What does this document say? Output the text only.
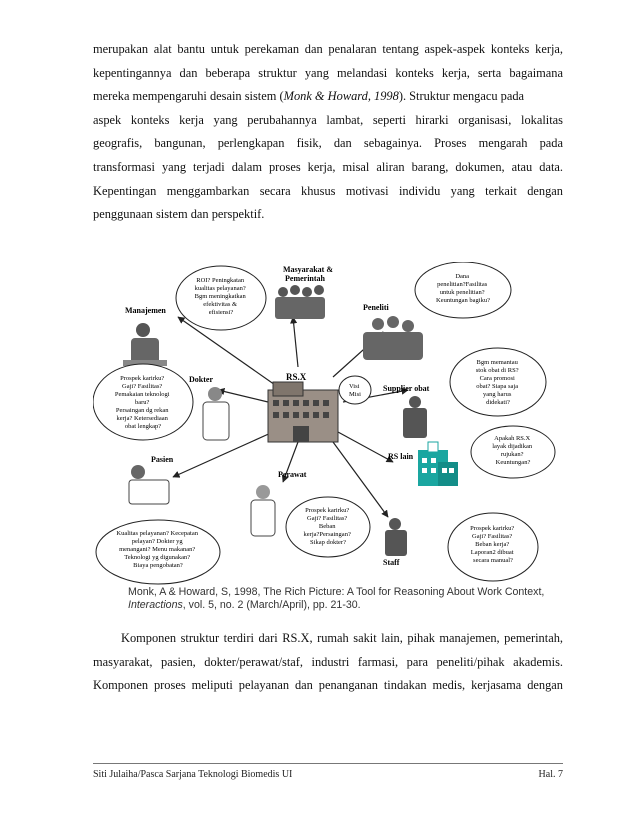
merupakan alat bantu untuk perekaman dan penalaran tentang aspek-aspek konteks kerja,
kepentingannya dan beberapa struktur yang melandasi konteks kerja, serta bagaimana
mereka mempengaruhi desain sistem (Monk & Howard, 1998). Struktur mengacu pada
aspek konteks kerja yang perubahannya lambat, seperti hirarki organisasi, lokalitas
geografis, bangunan, perlengkapan fisik, dan sebagainya. Proses mengarah pada
transformasi yang terjadi dalam proses kerja, misal aliran barang, dokumen, atau data.
Kepentingan menggambarkan secara khusus motivasi individu yang terkait dengan
penggunaan sistem dan perspektif.
RS.X
Manajemen
ROI? Peningkatan kualitas pelayanan? Bgm meningkatkan efektivitas & efisiensi?
Masyarakat & Pemerintah
Peneliti
Dana penelitian?Fasilitas untuk penelitian? Keuntungan bagiku?
Visi Misi
Dokter
Prospek karirku? Gaji? Fasilitas? Pemakaian teknologi baru? Persaingan dg rekan kerja? Ketersediaan obat lengkap?
Supplier obat
Bgm memantau stok obat di RS? Cara promosi obat? Siapa saja yang harus didekati?
Pasien
Perawat
Prospek karirku? Gaji? Fasilitas? Beban kerja?Persaingan? Sikap dokter?
RS lain
Apakah RS.X layak dijadikan rujukan? Keuntungan?
Kualitas pelayanan? Kecepatan pelayan? Dokter yg menangani? Menu makanan? Teknologi yg digunakan? Biaya pengobatan?	Staff
Prospek karirku? Gaji? Fasilitas? Beban kerja? Laporan2 dibuat secara manual?
Monk, A & Howard, S, 1998, The Rich Picture: A Tool for Reasoning About Work Context,
Interactions, vol. 5, no. 2 (March/April), pp. 21-30.
Komponen struktur terdiri dari RS.X, rumah sakit lain, pihak manajemen, pemerintah,
masyarakat, pasien, dokter/perawat/staf, industri farmasi, para peneliti/pihak akademis.
Komponen proses meliputi pelayanan dan penanganan tindakan medis, kerjasama dengan
Siti Julaiha/Pasca Sarjana Teknologi Biomedis UI	Hal. 7
